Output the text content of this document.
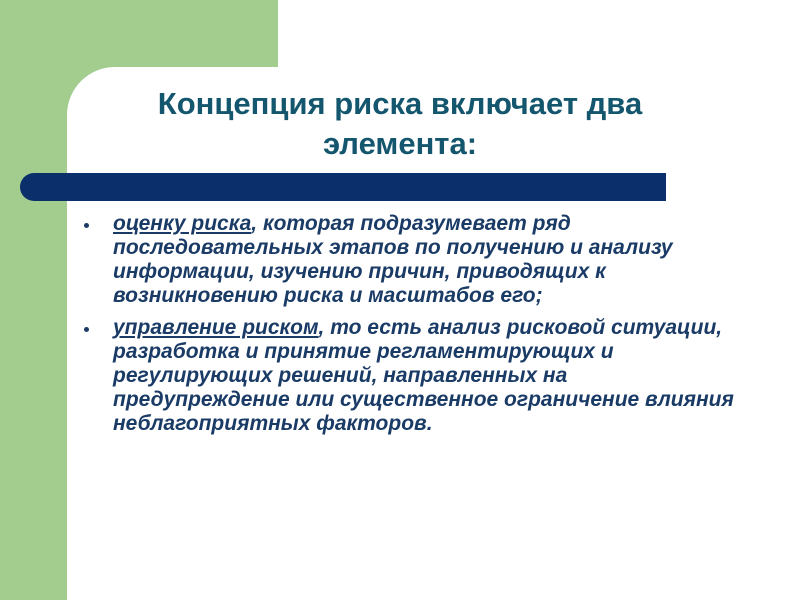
Концепция риска включает два элемента:
оценку риска, которая подразумевает ряд последовательных этапов по получению и анализу информации, изучению причин, приводящих к возникновению риска и масштабов его;
управление риском, то есть анализ рисковой ситуации, разработка и принятие регламентирующих и регулирующих решений, направленных на предупреждение или существенное ограничение влияния неблагоприятных факторов.
